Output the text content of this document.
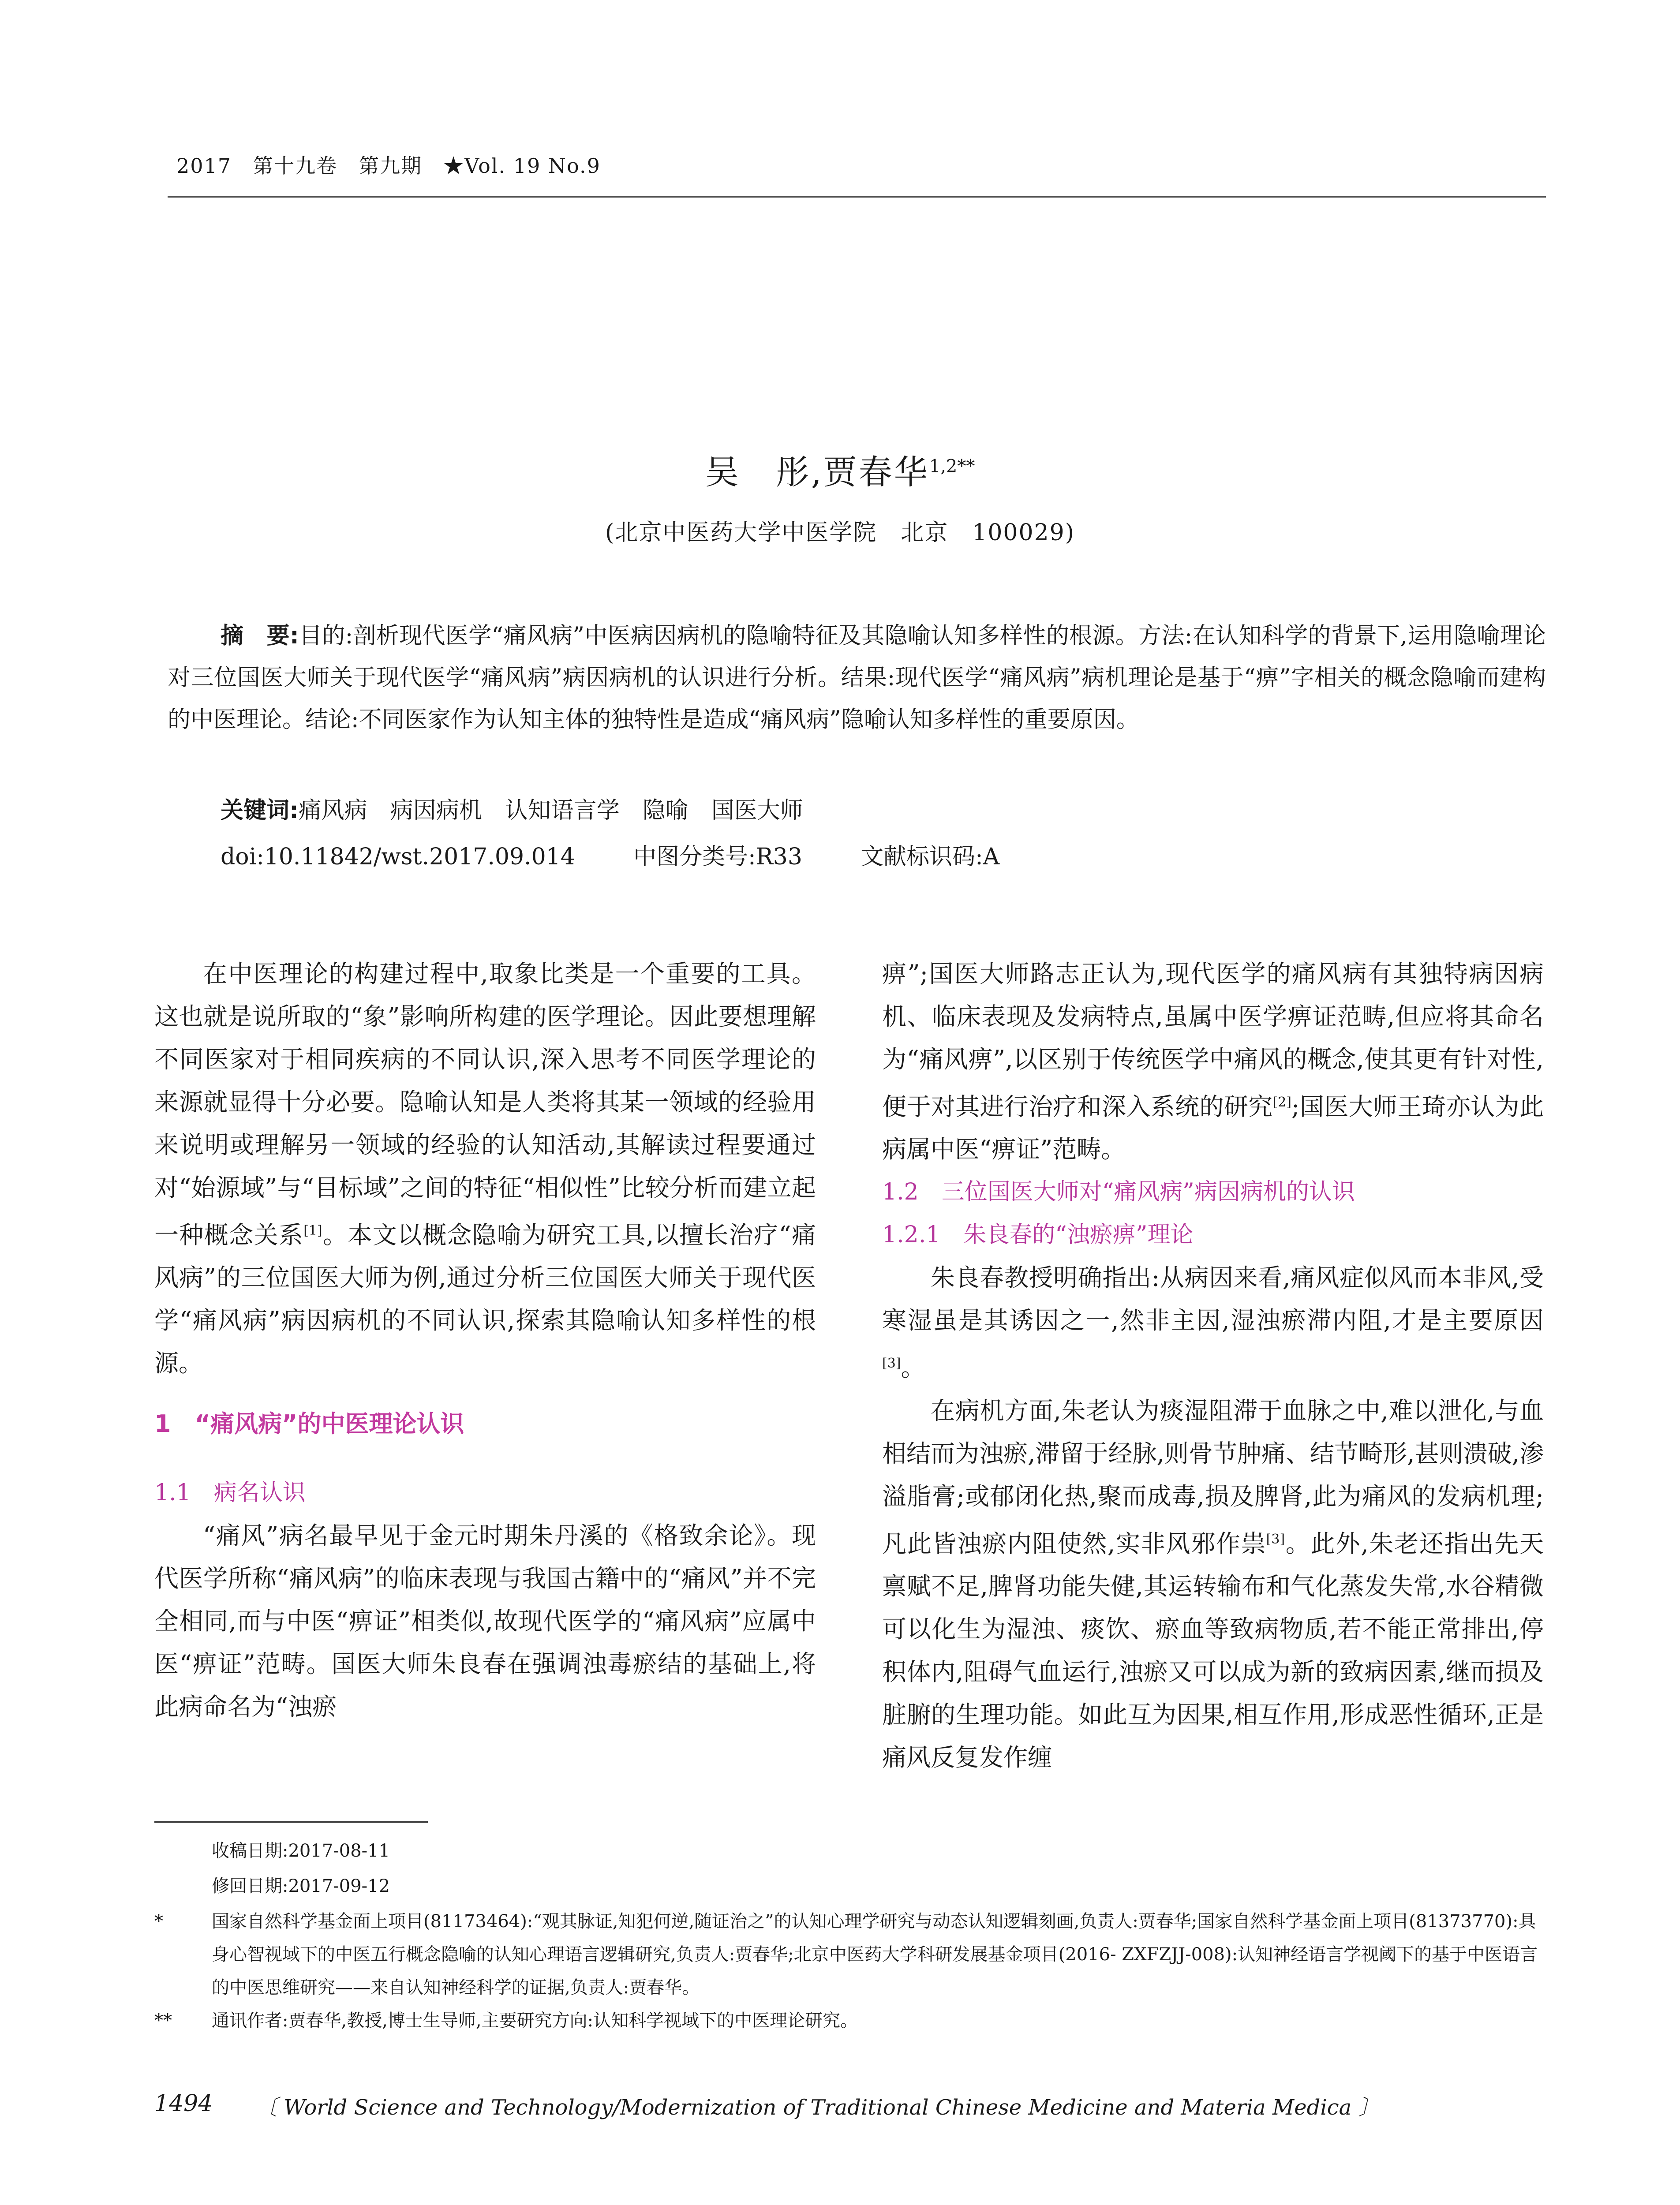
2017　第十九卷　第九期　★Vol. 19 No.9
吴　彤,贾春华$^{1,2**}$
(北京中医药大学中医学院　北京　100029)
摘　要:目的:剖析现代医学“痛风病”中医病因病机的隐喻特征及其隐喻认知多样性的根源。方法:在认知科学的背景下,运用隐喻理论对三位国医大师关于现代医学“痛风病”病因病机的认识进行分析。结果:现代医学“痛风病”病机理论是基于“痹”字相关的概念隐喻而建构的中医理论。结论:不同医家作为认知主体的独特性是造成“痛风病”隐喻认知多样性的重要原因。
关键词:痛风病　病因病机　认知语言学　隐喻　国医大师
doi:10.11842/wst.2017.09.014	中图分类号:R33	文献标识码:A

在中医理论的构建过程中,取象比类是一个重要的工具。这也就是说所取的“象”影响所构建的医学理论。因此要想理解不同医家对于相同疾病的不同认识,深入思考不同医学理论的来源就显得十分必要。隐喻认知是人类将其某一领域的经验用来说明或理解另一领域的经验的认知活动,其解读过程要通过对“始源域”与“目标域”之间的特征“相似性”比较分析而建立起一种概念关系[1]。本文以概念隐喻为研究工具,以擅长治疗“痛风病”的三位国医大师为例,通过分析三位国医大师关于现代医学“痛风病”病因病机的不同认识,探索其隐喻认知多样性的根源。

1　“痛风病”的中医理论认识
1.1　病名认识

“痛风”病名最早见于金元时期朱丹溪的《格致余论》。现代医学所称“痛风病”的临床表现与我国古籍中的“痛风”并不完全相同,而与中医“痹证”相类似,故现代医学的“痛风病”应属中医“痹证”范畴。国医大师朱良春在强调浊毒瘀结的基础上,将此病命名为“浊瘀

痹”;国医大师路志正认为,现代医学的痛风病有其独特病因病机、临床表现及发病特点,虽属中医学痹证范畴,但应将其命名为“痛风痹”,以区别于传统医学中痛风的概念,使其更有针对性,便于对其进行治疗和深入系统的研究[2];国医大师王琦亦认为此病属中医“痹证”范畴。

1.2　三位国医大师对“痛风病”病因病机的认识
1.2.1　朱良春的“浊瘀痹”理论

朱良春教授明确指出:从病因来看,痛风症似风而本非风,受寒湿虽是其诱因之一,然非主因,湿浊瘀滞内阻,才是主要原因[3]。

在病机方面,朱老认为痰湿阻滞于血脉之中,难以泄化,与血相结而为浊瘀,滞留于经脉,则骨节肿痛、结节畸形,甚则溃破,渗溢脂膏;或郁闭化热,聚而成毒,损及脾肾,此为痛风的发病机理;凡此皆浊瘀内阻使然,实非风邪作祟[3]。此外,朱老还指出先天禀赋不足,脾肾功能失健,其运转输布和气化蒸发失常,水谷精微可以化生为湿浊、痰饮、瘀血等致病物质,若不能正常排出,停积体内,阻碍气血运行,浊瘀又可以成为新的致病因素,继而损及脏腑的生理功能。如此互为因果,相互作用,形成恶性循环,正是痛风反复发作缠

收稿日期:2017-08-11
修回日期:2017-09-12
*	国家自然科学基金面上项目(81173464):“观其脉证,知犯何逆,随证治之”的认知心理学研究与动态认知逻辑刻画,负责人:贾春华;国家自然科学基金面上项目(81373770):具身心智视域下的中医五行概念隐喻的认知心理语言逻辑研究,负责人:贾春华;北京中医药大学科研发展基金项目(2016- ZXFZJJ-008):认知神经语言学视阈下的基于中医语言的中医思维研究——来自认知神经科学的证据,负责人:贾春华。
** 通讯作者:贾春华,教授,博士生导师,主要研究方向:认知科学视域下的中医理论研究。
1494 〔 World Science and Technology/Modernization of Traditional Chinese Medicine and Materia Medica 〕
